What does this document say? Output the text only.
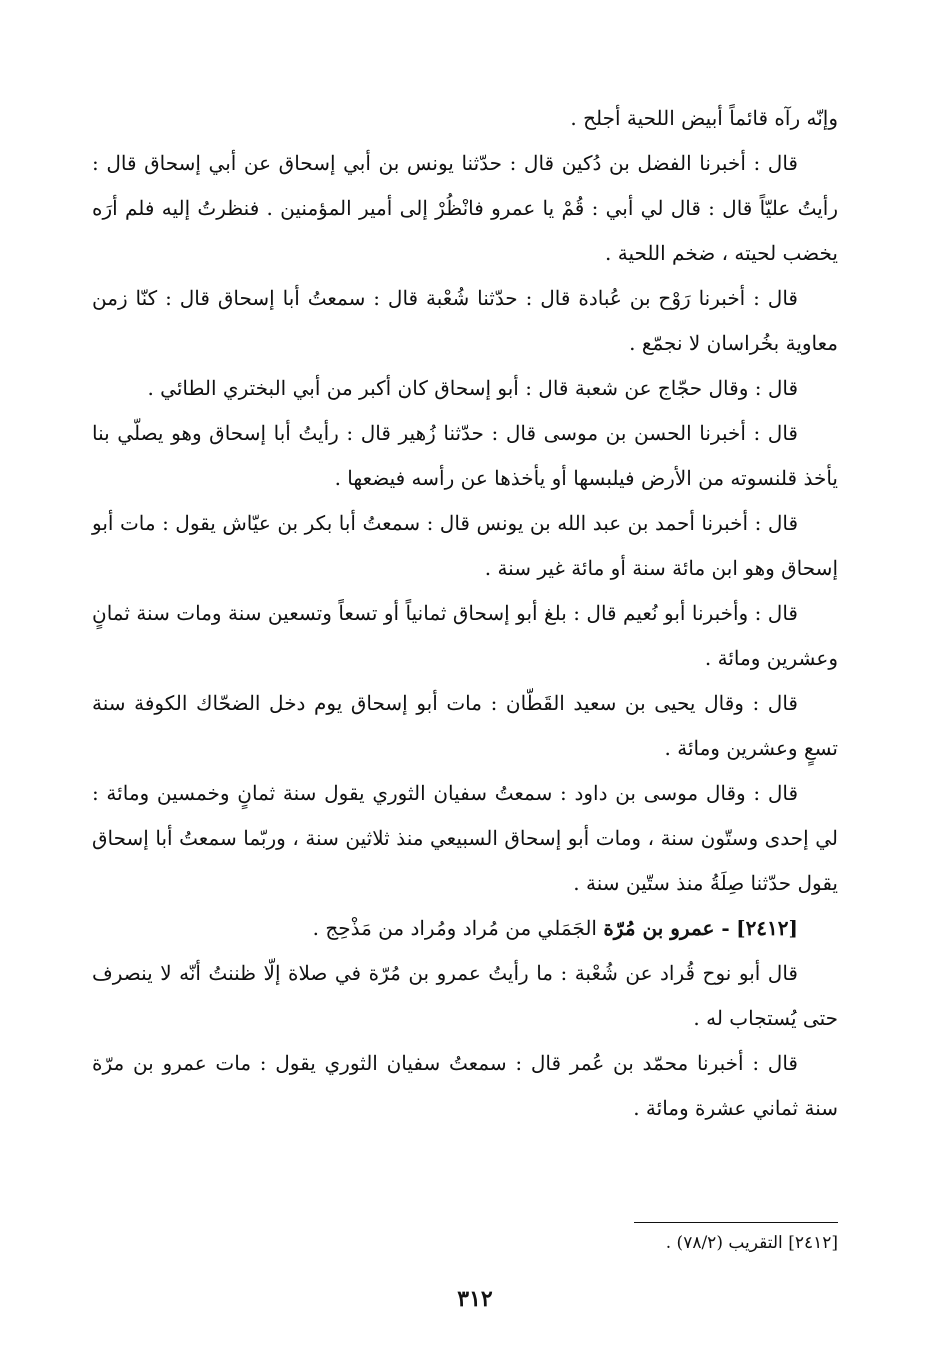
وإنّه رآه قائماً أبيض اللحية أجلح .

قال : أخبرنا الفضل بن دُكين قال : حدّثنا يونس بن أبي إسحاق عن أبي إسحاق قال : رأيتُ عليّاً قال : قال لي أبي : قُمْ يا عمرو فانْظُرْ إلى أمير المؤمنين . فنظرتُ إليه فلم أرَه يخضب لحيته ، ضخم اللحية .

قال : أخبرنا رَوْح بن عُبادة قال : حدّثنا شُعْبة قال : سمعتُ أبا إسحاق قال : كنّا زمن معاوية بخُراسان لا نجمّع .

قال : وقال حجّاج عن شعبة قال : أبو إسحاق كان أكبر من أبي البختري الطائي .

قال : أخبرنا الحسن بن موسى قال : حدّثنا زُهير قال : رأيتُ أبا إسحاق وهو يصلّي بنا يأخذ قلنسوته من الأرض فيلبسها أو يأخذها عن رأسه فيضعها .

قال : أخبرنا أحمد بن عبد الله بن يونس قال : سمعتُ أبا بكر بن عيّاش يقول : مات أبو إسحاق وهو ابن مائة سنة أو مائة غير سنة .

قال : وأخبرنا أبو نُعيم قال : بلغ أبو إسحاق ثمانياً أو تسعاً وتسعين سنة ومات سنة ثمانٍ وعشرين ومائة .

قال : وقال يحيى بن سعيد القَطّان : مات أبو إسحاق يوم دخل الضحّاك الكوفة سنة تسعٍ وعشرين ومائة .

قال : وقال موسى بن داود : سمعتُ سفيان الثوري يقول سنة ثمانٍ وخمسين ومائة : لي إحدى وستّون سنة ، ومات أبو إسحاق السبيعي منذ ثلاثين سنة ، وربّما سمعتُ أبا إسحاق يقول حدّثنا صِلَةُ منذ ستّين سنة .

[٢٤١٢] - عمرو بن مُرّة الجَمَلي من مُراد ومُراد من مَذْحِج .

قال أبو نوح قُراد عن شُعْبة : ما رأيتُ عمرو بن مُرّة في صلاة إلّا ظننتُ أنّه لا ينصرف حتى يُستجاب له .

قال : أخبرنا محمّد بن عُمر قال : سمعتُ سفيان الثوري يقول : مات عمرو بن مرّة سنة ثماني عشرة ومائة .

[٢٤١٢] التقريب (٧٨/٢) .
٣١٢
